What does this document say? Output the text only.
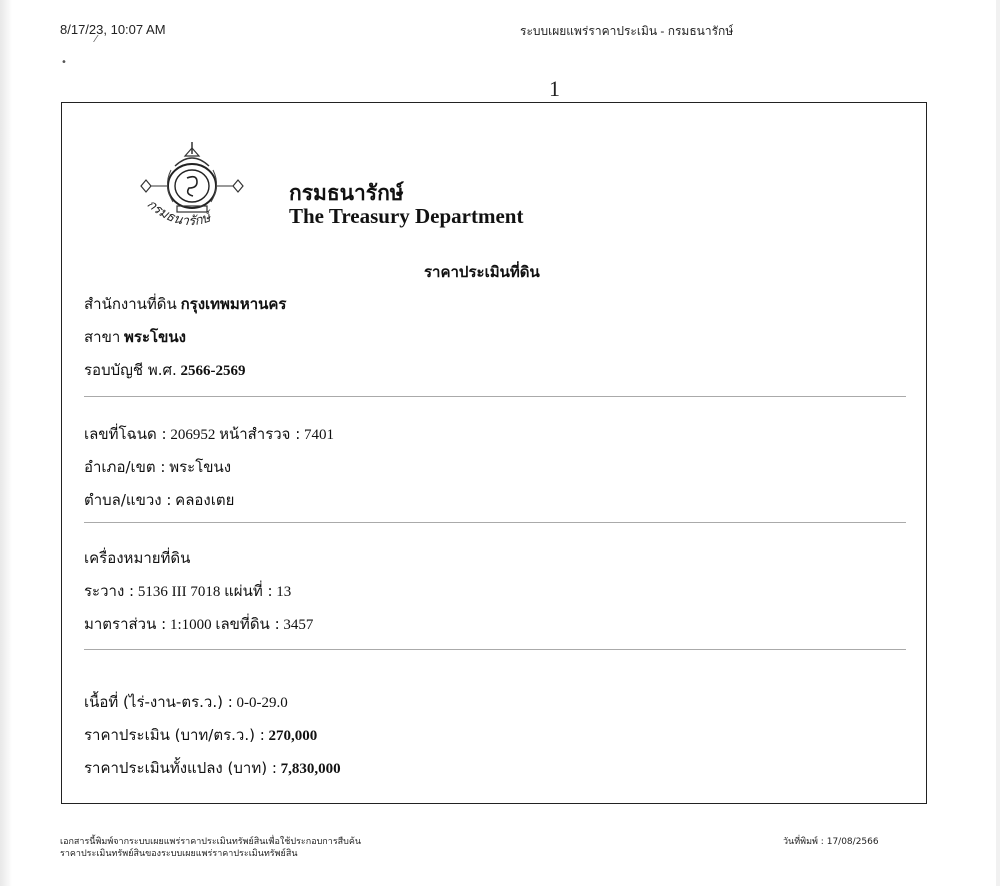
8/17/23, 10:07 AM	ระบบเผยแพร่ราคาประเมิน - กรมธนารักษ์
⁄
•
1
กรมธนารักษ์
กรมธนารักษ์
The Treasury Department
ราคาประเมินที่ดิน
สำนักงานที่ดิน กรุงเทพมหานคร
สาขา พระโขนง
รอบบัญชี พ.ศ. 2566-2569
เลขที่โฉนด : 206952 หน้าสำรวจ : 7401
อำเภอ/เขต : พระโขนง
ตำบล/แขวง : คลองเตย
เครื่องหมายที่ดิน
ระวาง : 5136 III 7018 แผ่นที่ : 13
มาตราส่วน : 1:1000 เลขที่ดิน : 3457
เนื้อที่ (ไร่-งาน-ตร.ว.) : 0-0-29.0
ราคาประเมิน (บาท/ตร.ว.) : 270,000
ราคาประเมินทั้งแปลง (บาท) : 7,830,000
เอกสารนี้พิมพ์จากระบบเผยแพร่ราคาประเมินทรัพย์สินเพื่อใช้ประกอบการสืบค้น
ราคาประเมินทรัพย์สินของระบบเผยแพร่ราคาประเมินทรัพย์สิน
วันที่พิมพ์ : 17/08/2566
